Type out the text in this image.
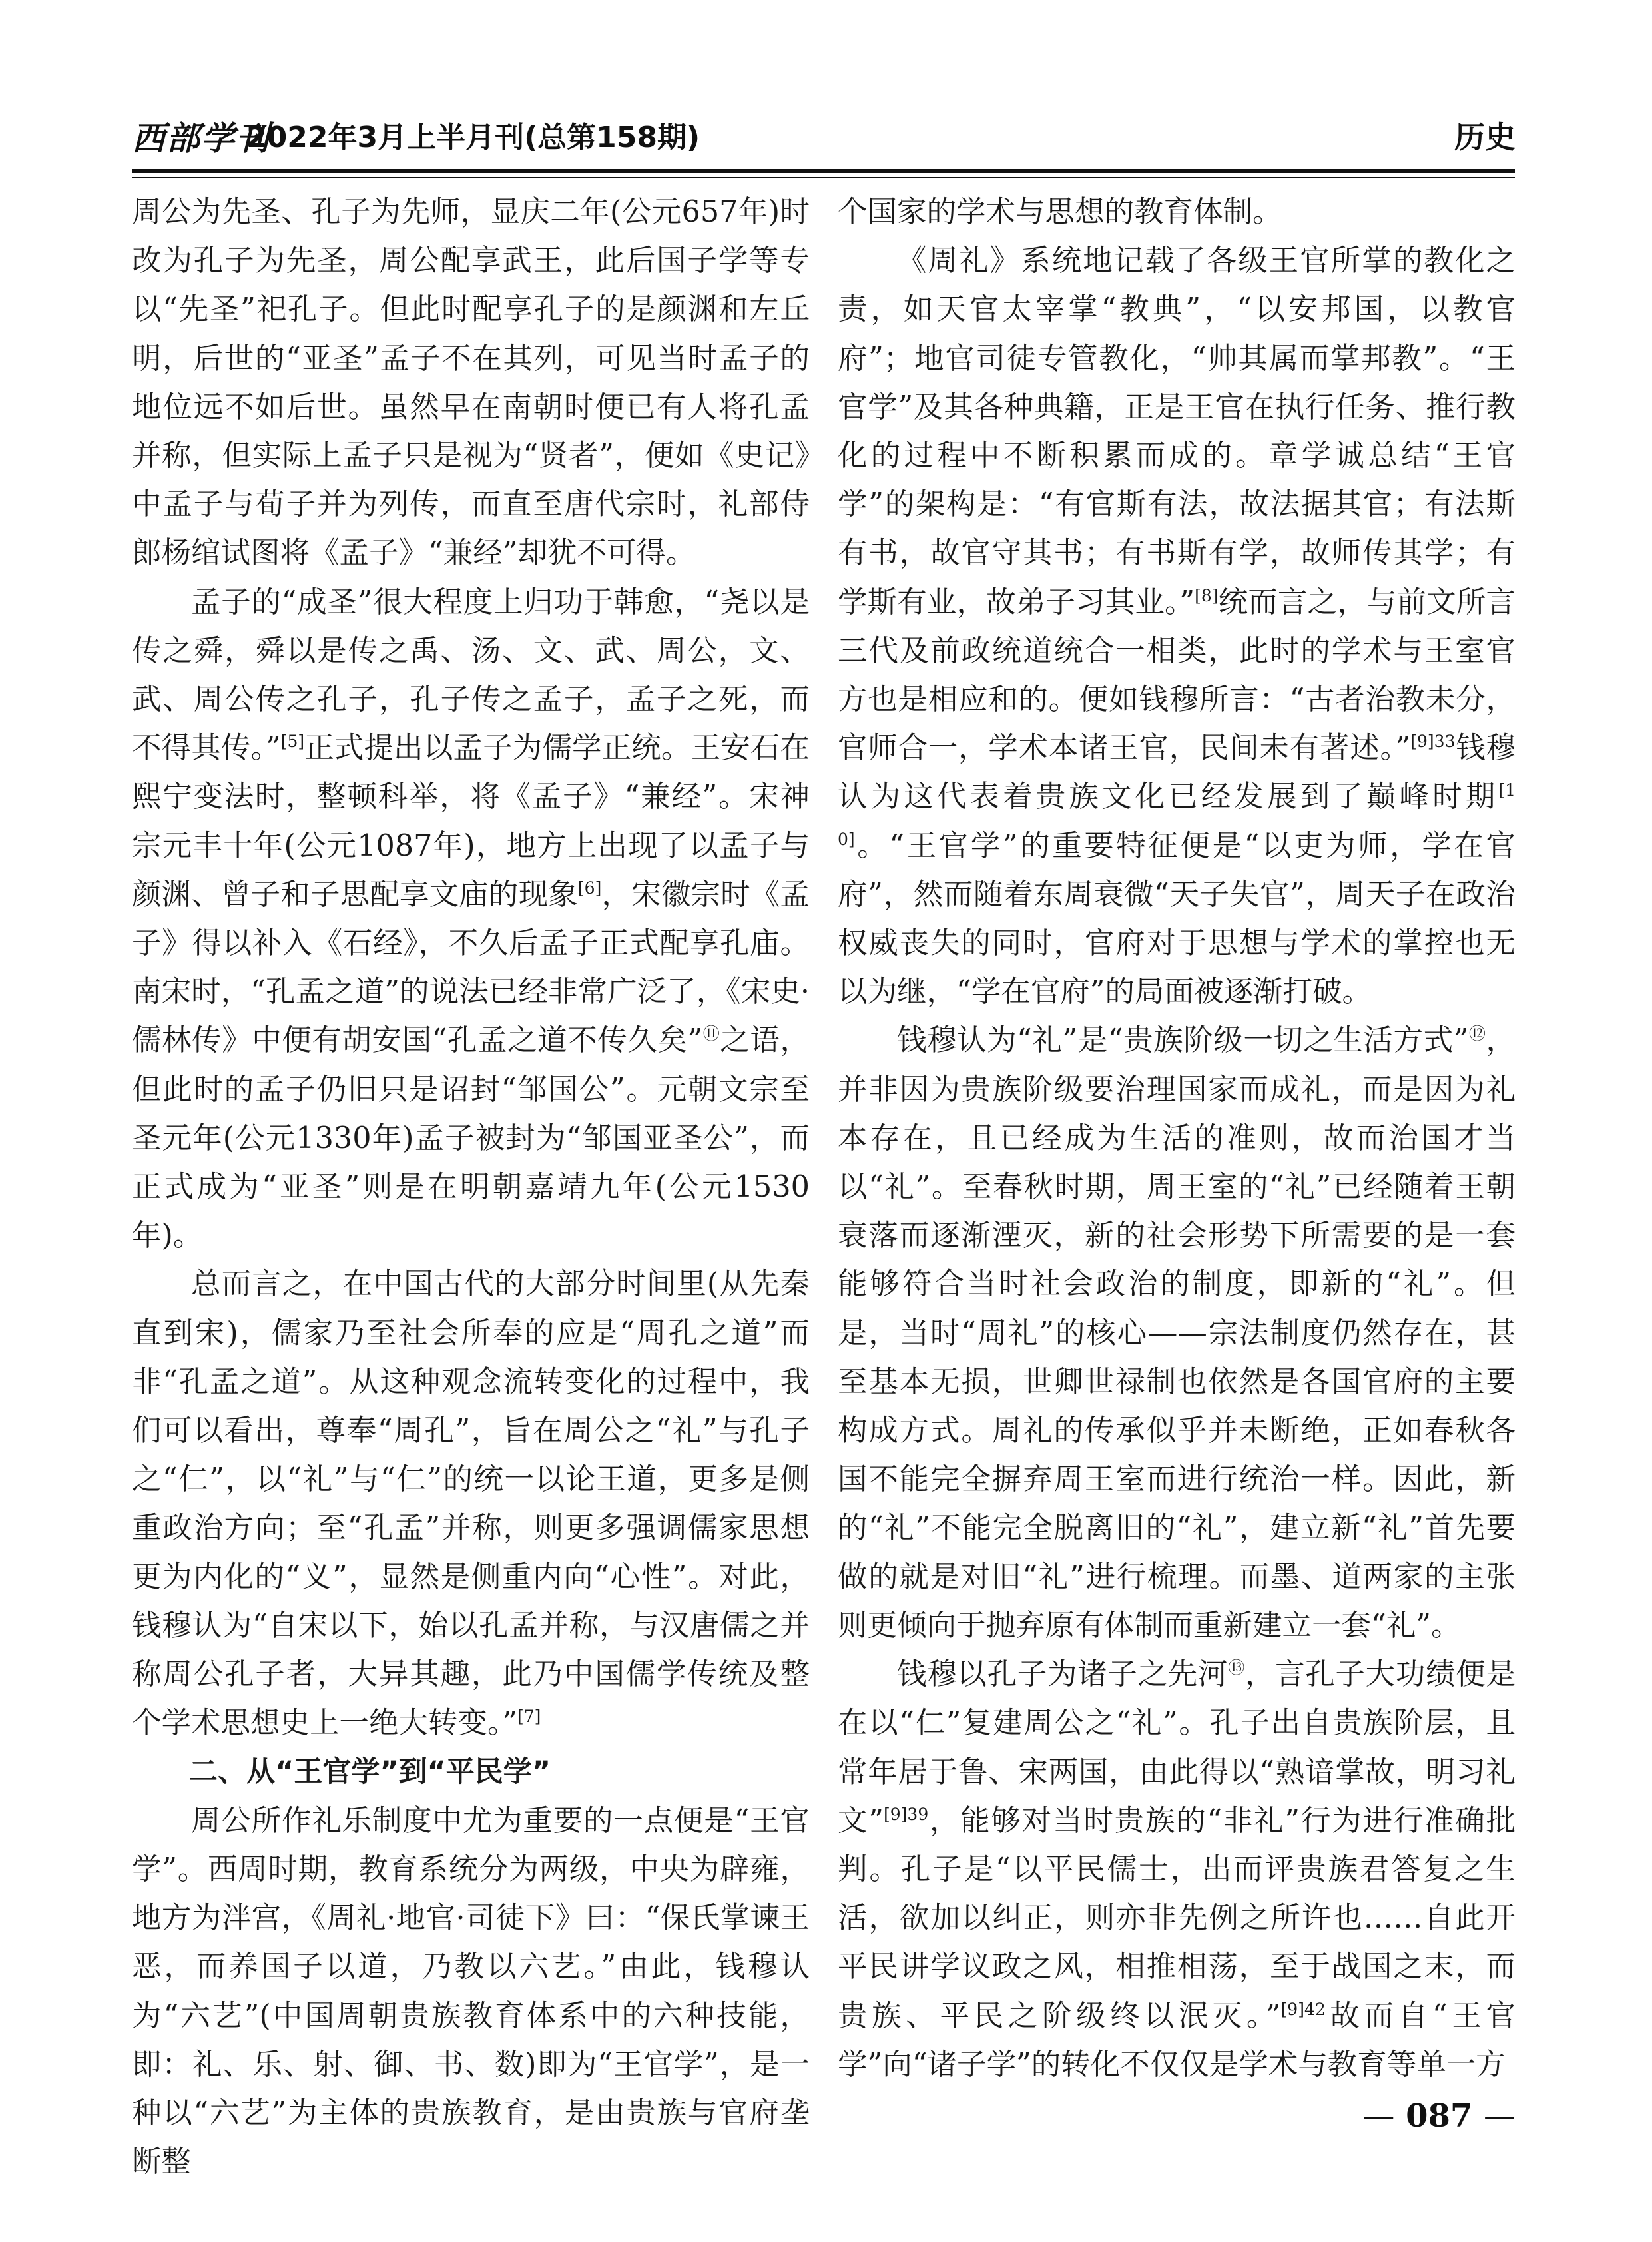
西部学刊
2022年3月上半月刊(总第158期)	历史

周公为先圣、孔子为先师，显庆二年(公元657年)时改为孔子为先圣，周公配享武王，此后国子学等专以“先圣”祀孔子。但此时配享孔子的是颜渊和左丘明，后世的“亚圣”孟子不在其列，可见当时孟子的地位远不如后世。虽然早在南朝时便已有人将孔孟并称，但实际上孟子只是视为“贤者”，便如《史记》中孟子与荀子并为列传，而直至唐代宗时，礼部侍郎杨绾试图将《孟子》“兼经”却犹不可得。

孟子的“成圣”很大程度上归功于韩愈，“尧以是传之舜，舜以是传之禹、汤、文、武、周公，文、武、周公传之孔子，孔子传之孟子，孟子之死，而不得其传。”[5]正式提出以孟子为儒学正统。王安石在熙宁变法时，整顿科举，将《孟子》“兼经”。宋神宗元丰十年(公元1087年)，地方上出现了以孟子与颜渊、曾子和子思配享文庙的现象[6]，宋徽宗时《孟子》得以补入《石经》，不久后孟子正式配享孔庙。南宋时，“孔孟之道”的说法已经非常广泛了，《宋史·儒林传》中便有胡安国“孔孟之道不传久矣”⑪之语，但此时的孟子仍旧只是诏封“邹国公”。元朝文宗至圣元年(公元1330年)孟子被封为“邹国亚圣公”，而正式成为“亚圣”则是在明朝嘉靖九年(公元1530年)。

总而言之，在中国古代的大部分时间里(从先秦直到宋)，儒家乃至社会所奉的应是“周孔之道”而非“孔孟之道”。从这种观念流转变化的过程中，我们可以看出，尊奉“周孔”，旨在周公之“礼”与孔子之“仁”，以“礼”与“仁”的统一以论王道，更多是侧重政治方向；至“孔孟”并称，则更多强调儒家思想更为内化的“义”，显然是侧重内向“心性”。对此，钱穆认为“自宋以下，始以孔孟并称，与汉唐儒之并称周公孔子者，大异其趣，此乃中国儒学传统及整个学术思想史上一绝大转变。”[7]

二、从“王官学”到“平民学”

周公所作礼乐制度中尤为重要的一点便是“王官学”。西周时期，教育系统分为两级，中央为辟雍，地方为泮宫，《周礼·地官·司徒下》曰：“保氏掌谏王恶，而养国子以道，乃教以六艺。”由此，钱穆认为“六艺”(中国周朝贵族教育体系中的六种技能，即：礼、乐、射、御、书、数)即为“王官学”，是一种以“六艺”为主体的贵族教育，是由贵族与官府垄断整

个国家的学术与思想的教育体制。

《周礼》系统地记载了各级王官所掌的教化之责，如天官太宰掌“教典”，“以安邦国，以教官府”；地官司徒专管教化，“帅其属而掌邦教”。“王官学”及其各种典籍，正是王官在执行任务、推行教化的过程中不断积累而成的。章学诚总结“王官学”的架构是：“有官斯有法，故法据其官；有法斯有书，故官守其书；有书斯有学，故师传其学；有学斯有业，故弟子习其业。”[8]统而言之，与前文所言三代及前政统道统合一相类，此时的学术与王室官方也是相应和的。便如钱穆所言：“古者治教未分，官师合一，学术本诸王官，民间未有著述。”$^{[9]33}$钱穆认为这代表着贵族文化已经发展到了巅峰时期[10]。“王官学”的重要特征便是“以吏为师，学在官府”，然而随着东周衰微“天子失官”，周天子在政治权威丧失的同时，官府对于思想与学术的掌控也无以为继，“学在官府”的局面被逐渐打破。

钱穆认为“礼”是“贵族阶级一切之生活方式”⑫，并非因为贵族阶级要治理国家而成礼，而是因为礼本存在，且已经成为生活的准则，故而治国才当以“礼”。至春秋时期，周王室的“礼”已经随着王朝衰落而逐渐湮灭，新的社会形势下所需要的是一套能够符合当时社会政治的制度，即新的“礼”。但是，当时“周礼”的核心——宗法制度仍然存在，甚至基本无损，世卿世禄制也依然是各国官府的主要构成方式。周礼的传承似乎并未断绝，正如春秋各国不能完全摒弃周王室而进行统治一样。因此，新的“礼”不能完全脱离旧的“礼”，建立新“礼”首先要做的就是对旧“礼”进行梳理。而墨、道两家的主张则更倾向于抛弃原有体制而重新建立一套“礼”。

钱穆以孔子为诸子之先河⑬，言孔子大功绩便是在以“仁”复建周公之“礼”。孔子出自贵族阶层，且常年居于鲁、宋两国，由此得以“熟谙掌故，明习礼文”$^{[9]39}$，能够对当时贵族的“非礼”行为进行准确批判。孔子是“以平民儒士，出而评贵族君答复之生活，欲加以纠正，则亦非先例之所许也……自此开平民讲学议政之风，相推相荡，至于战国之末，而贵族、平民之阶级终以泯灭。”$^{[9]42}$故而自“王官学”向“诸子学”的转化不仅仅是学术与教育等单一方

— 087 —
